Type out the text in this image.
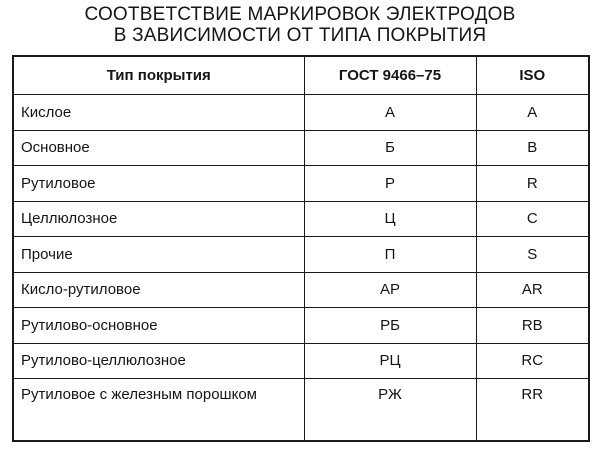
СООТВЕТСТВИЕ МАРКИРОВОК ЭЛЕКТРОДОВ
В ЗАВИСИМОСТИ ОТ ТИПА ПОКРЫТИЯ
Тип покрытия	ГОСТ 9466–75	ISO
Кислое	А	A
Основное	Б	B
Рутиловое	Р	R
Целлюлозное	Ц	C
Прочие	П	S
Кисло-рутиловое	АР	AR
Рутилово-основное	РБ	RB
Рутилово-целлюлозное	РЦ	RC
Рутиловое с железным порошком	РЖ	RR
